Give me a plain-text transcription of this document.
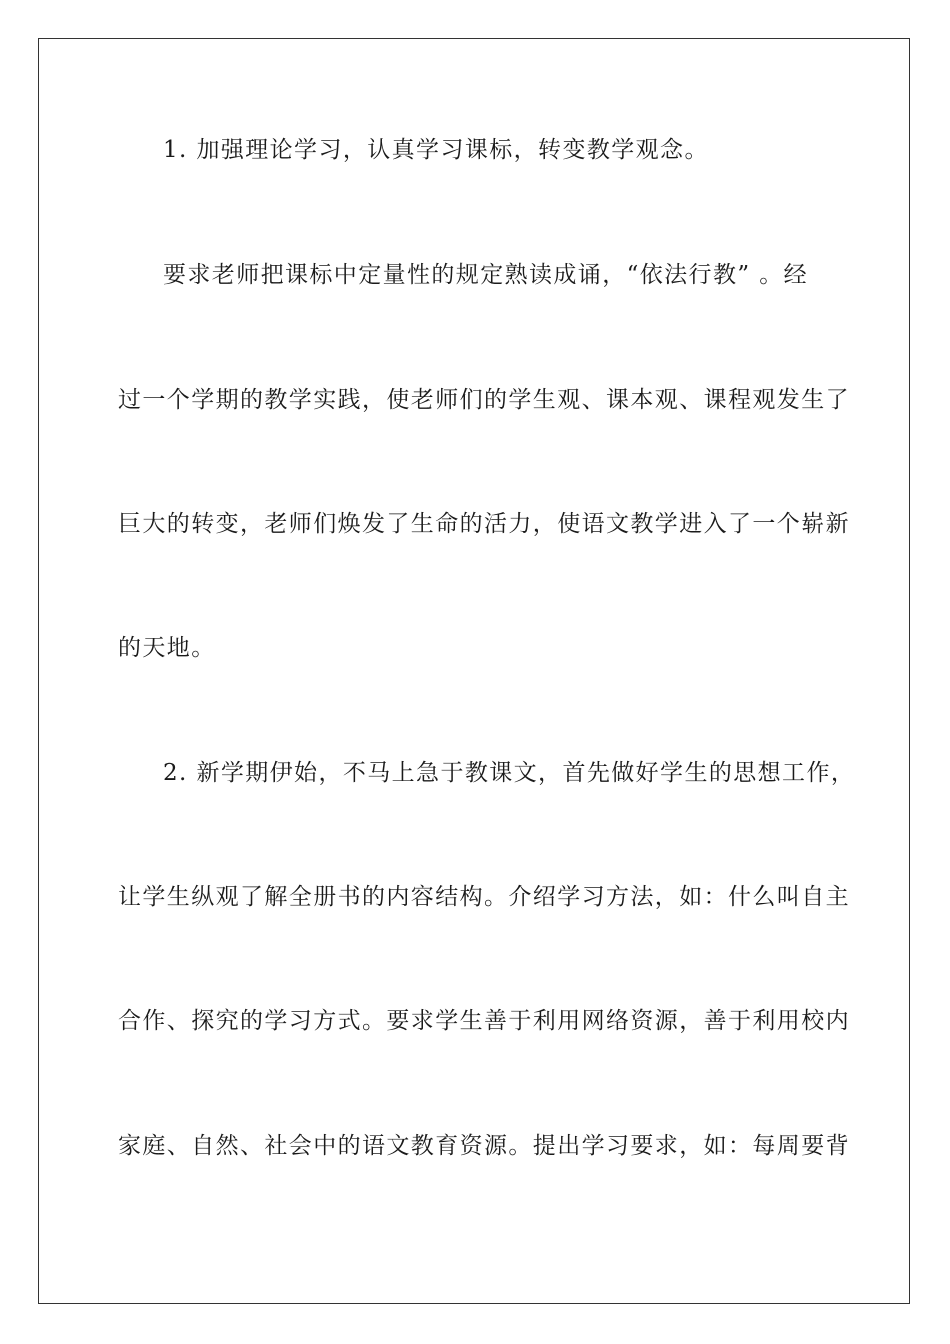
1. 加强理论学习，认真学习课标，转变教学观念。
要求老师把课标中定量性的规定熟读成诵，“依法行教” 。经
过一个学期的教学实践，使老师们的学生观、课本观、课程观发生了
巨大的转变，老师们焕发了生命的活力，使语文教学进入了一个崭新
的天地。
2. 新学期伊始，不马上急于教课文，首先做好学生的思想工作，
让学生纵观了解全册书的内容结构。介绍学习方法，如：什么叫自主
合作、探究的学习方式。要求学生善于利用网络资源，善于利用校内
家庭、自然、社会中的语文教育资源。提出学习要求，如：每周要背
